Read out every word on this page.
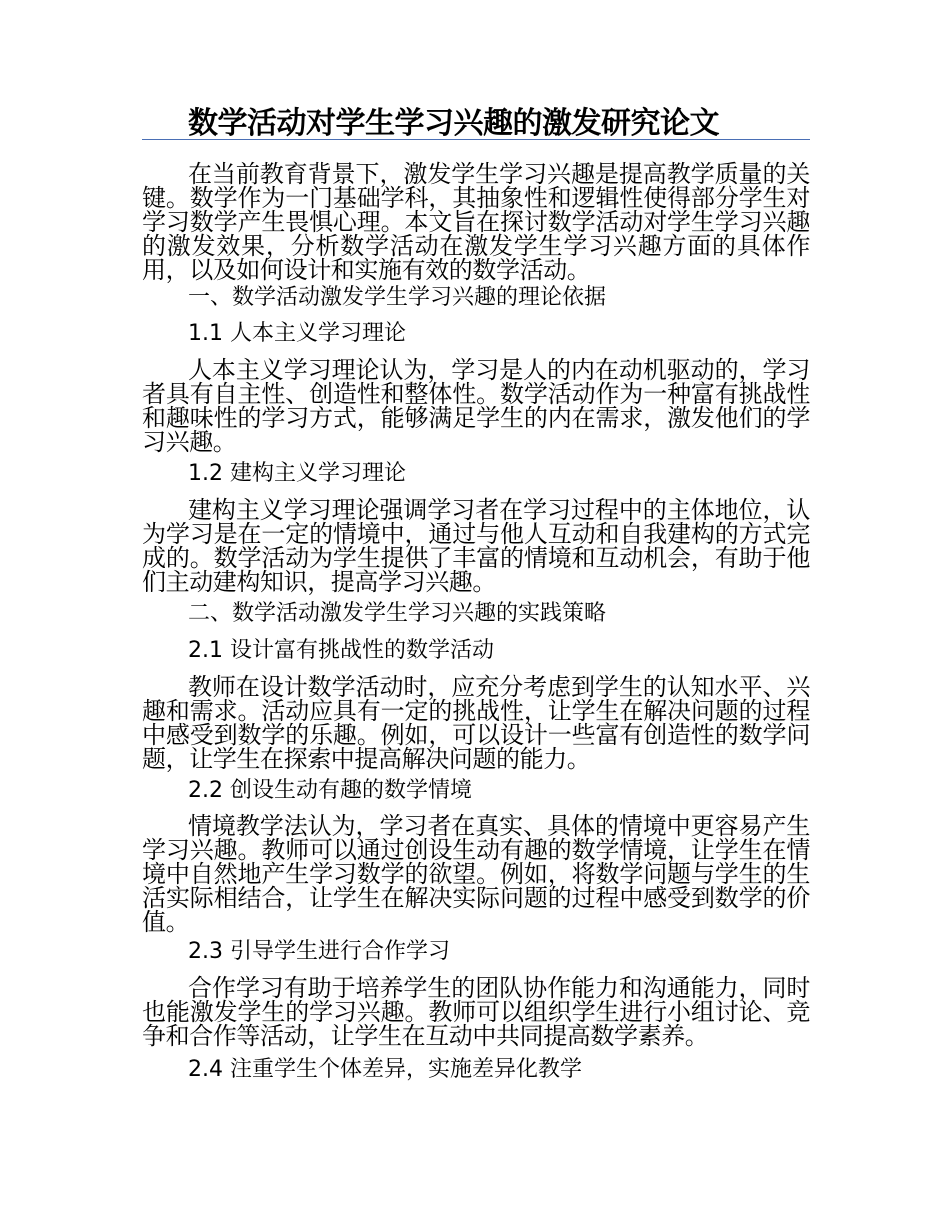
数学活动对学生学习兴趣的激发研究论文
在当前教育背景下，激发学生学习兴趣是提高教学质量的关键。数学作为一门基础学科，其抽象性和逻辑性使得部分学生对学习数学产生畏惧心理。本文旨在探讨数学活动对学生学习兴趣的激发效果，分析数学活动在激发学生学习兴趣方面的具体作用，以及如何设计和实施有效的数学活动。
一、数学活动激发学生学习兴趣的理论依据
1.1 人本主义学习理论
人本主义学习理论认为，学习是人的内在动机驱动的，学习者具有自主性、创造性和整体性。数学活动作为一种富有挑战性和趣味性的学习方式，能够满足学生的内在需求，激发他们的学习兴趣。
1.2 建构主义学习理论
建构主义学习理论强调学习者在学习过程中的主体地位，认为学习是在一定的情境中，通过与他人互动和自我建构的方式完成的。数学活动为学生提供了丰富的情境和互动机会，有助于他们主动建构知识，提高学习兴趣。
二、数学活动激发学生学习兴趣的实践策略
2.1 设计富有挑战性的数学活动
教师在设计数学活动时，应充分考虑到学生的认知水平、兴趣和需求。活动应具有一定的挑战性，让学生在解决问题的过程中感受到数学的乐趣。例如，可以设计一些富有创造性的数学问题，让学生在探索中提高解决问题的能力。
2.2 创设生动有趣的数学情境
情境教学法认为，学习者在真实、具体的情境中更容易产生学习兴趣。教师可以通过创设生动有趣的数学情境，让学生在情境中自然地产生学习数学的欲望。例如，将数学问题与学生的生活实际相结合，让学生在解决实际问题的过程中感受到数学的价值。
2.3 引导学生进行合作学习
合作学习有助于培养学生的团队协作能力和沟通能力，同时也能激发学生的学习兴趣。教师可以组织学生进行小组讨论、竞争和合作等活动，让学生在互动中共同提高数学素养。
2.4 注重学生个体差异，实施差异化教学
